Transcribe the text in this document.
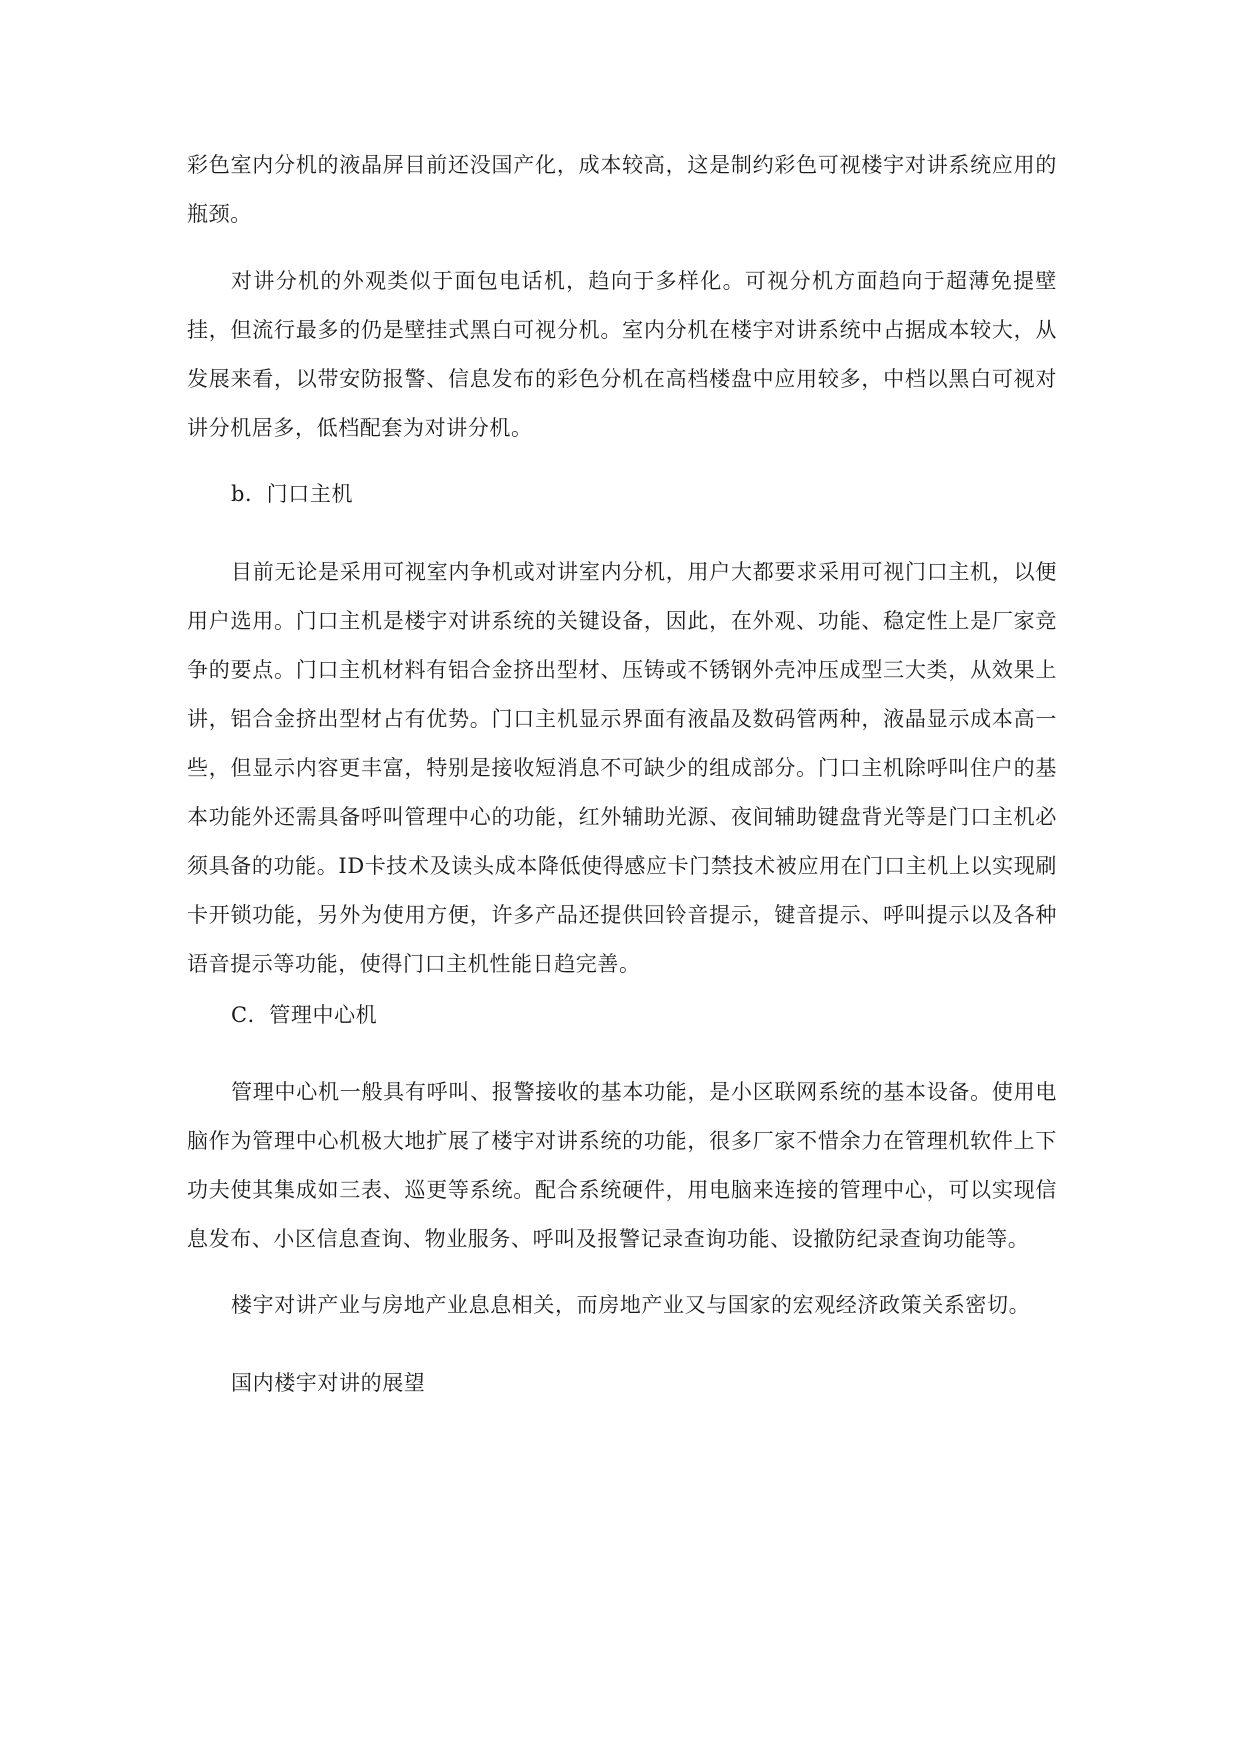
彩色室内分机的液晶屏目前还没国产化，成本较高，这是制约彩色可视楼宇对讲系统应用的瓶颈。

对讲分机的外观类似于面包电话机，趋向于多样化。可视分机方面趋向于超薄免提壁挂，但流行最多的仍是壁挂式黑白可视分机。室内分机在楼宇对讲系统中占据成本较大，从发展来看，以带安防报警、信息发布的彩色分机在高档楼盘中应用较多，中档以黑白可视对讲分机居多，低档配套为对讲分机。

b．门口主机

目前无论是采用可视室内争机或对讲室内分机，用户大都要求采用可视门口主机，以便用户选用。门口主机是楼宇对讲系统的关键设备，因此，在外观、功能、稳定性上是厂家竞争的要点。门口主机材料有铝合金挤出型材、压铸或不锈钢外壳冲压成型三大类，从效果上讲，铝合金挤出型材占有优势。门口主机显示界面有液晶及数码管两种，液晶显示成本高一些，但显示内容更丰富，特别是接收短消息不可缺少的组成部分。门口主机除呼叫住户的基本功能外还需具备呼叫管理中心的功能，红外辅助光源、夜间辅助键盘背光等是门口主机必须具备的功能。ID卡技术及读头成本降低使得感应卡门禁技术被应用在门口主机上以实现刷卡开锁功能，另外为使用方便，许多产品还提供回铃音提示，键音提示、呼叫提示以及各种语音提示等功能，使得门口主机性能日趋完善。

C．管理中心机

管理中心机一般具有呼叫、报警接收的基本功能，是小区联网系统的基本设备。使用电脑作为管理中心机极大地扩展了楼宇对讲系统的功能，很多厂家不惜余力在管理机软件上下功夫使其集成如三表、巡更等系统。配合系统硬件，用电脑来连接的管理中心，可以实现信息发布、小区信息查询、物业服务、呼叫及报警记录查询功能、设撤防纪录查询功能等。

楼宇对讲产业与房地产业息息相关，而房地产业又与国家的宏观经济政策关系密切。

国内楼宇对讲的展望
